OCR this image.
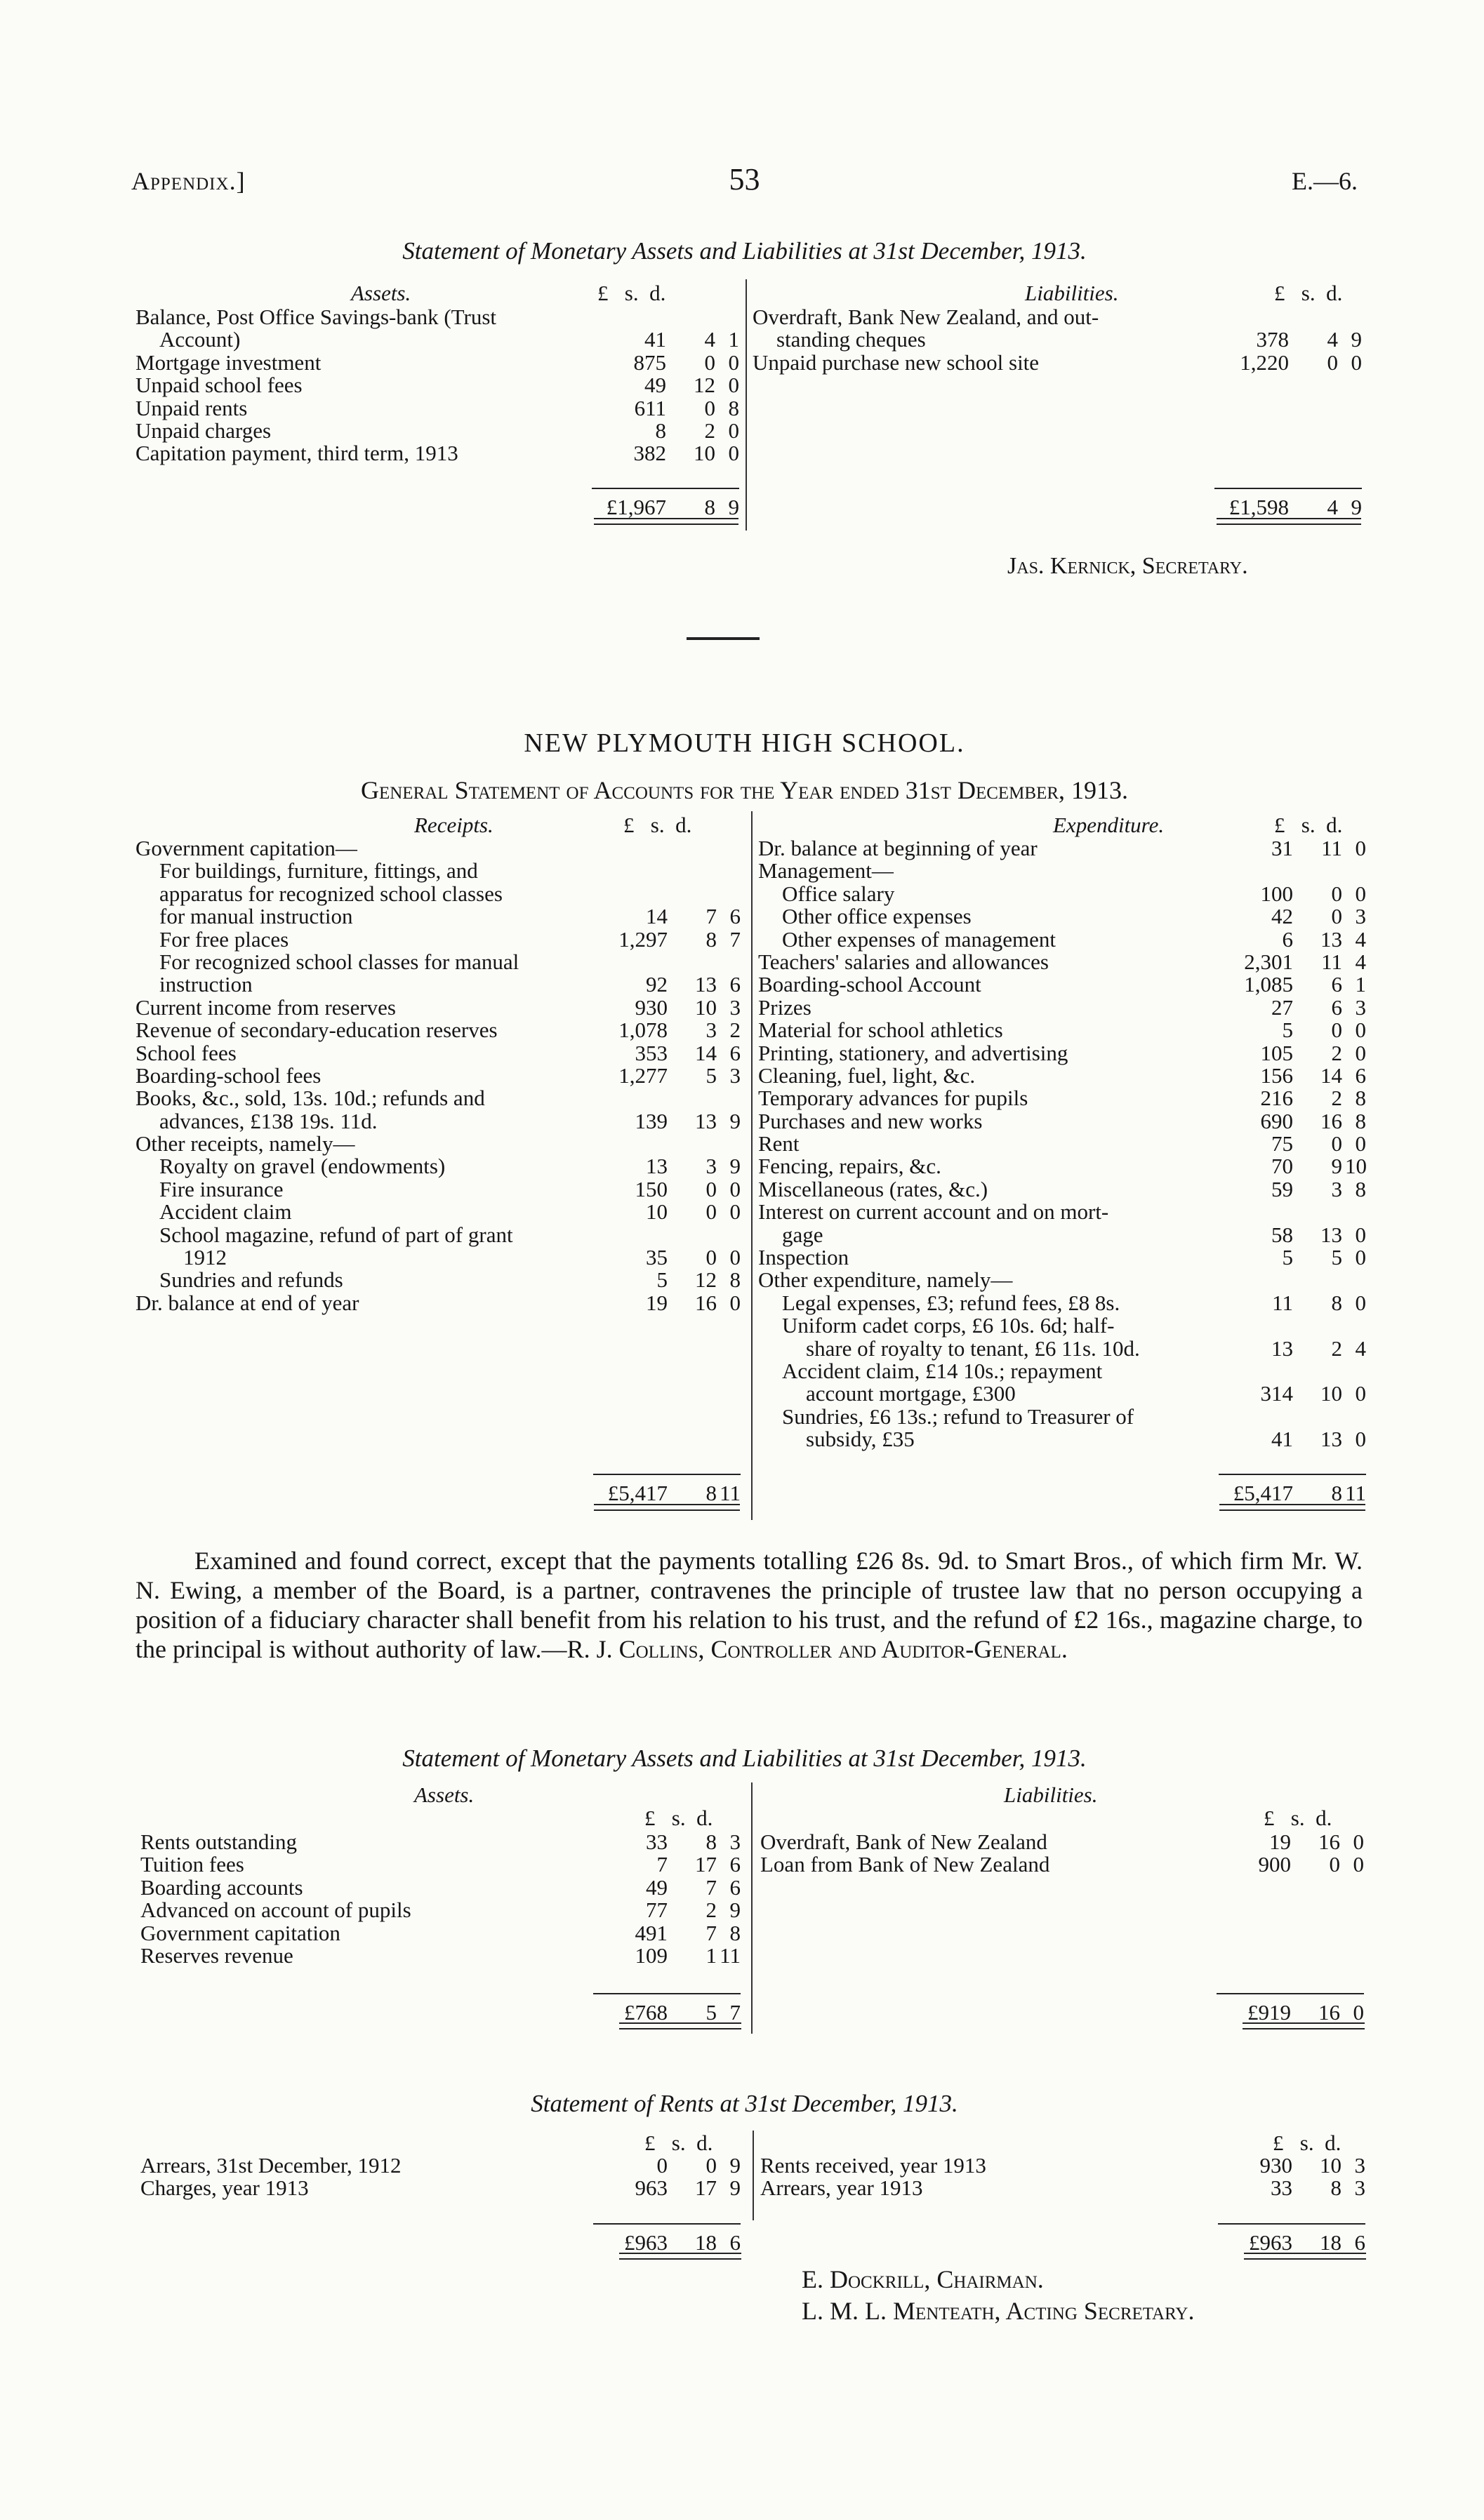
Appendix.]	53	E.—6.
Statement of Monetary Assets and Liabilities at 31st December, 1913.
Assets.	£ s. d.	Liabilities.	£ s. d.
Balance, Post Office Savings-bank (Trust
Account)	41	4 1
Mortgage investment	875	0 0
Unpaid school fees	49	12 0
Unpaid rents	611	0 8
Unpaid charges	8	2 0
Capitation payment, third term, 1913	382	10 0
Overdraft, Bank New Zealand, and out-
standing cheques	378	4 9
Unpaid purchase new school site	1,220	0 0
£1,967	8 9	£1,598	4 9
Jas. Kernick, Secretary.
NEW PLYMOUTH HIGH SCHOOL.
General Statement of Accounts for the Year ended 31st December, 1913.
Receipts.	£ s. d.	Expenditure.	£ s. d.
Government capitation—
For buildings, furniture, fittings, and
apparatus for recognized school classes
for manual instruction	14	7 6
For free places	1,297	8 7
For recognized school classes for manual
instruction	92	13 6
Current income from reserves	930	10 3
Revenue of secondary-education reserves	1,078	3 2
School fees	353	14 6
Boarding-school fees	1,277	5 3
Books, &c., sold, 13s. 10d.; refunds and
advances, £138 19s. 11d.	139	13 9
Other receipts, namely—
Royalty on gravel (endowments)	13	3 9
Fire insurance	150	0 0
Accident claim	10	0 0
School magazine, refund of part of grant
1912	35	0 0
Sundries and refunds	5	12 8
Dr. balance at end of year	19	16 0
Dr. balance at beginning of year	31	11 0
Management—
Office salary	100	0 0
Other office expenses	42	0 3
Other expenses of management	6	13 4
Teachers' salaries and allowances	2,301	11 4
Boarding-school Account	1,085	6 1
Prizes	27	6 3
Material for school athletics	5	0 0
Printing, stationery, and advertising	105	2 0
Cleaning, fuel, light, &c.	156	14 6
Temporary advances for pupils	216	2 8
Purchases and new works	690	16 8
Rent	75	0 0
Fencing, repairs, &c.	70	9 10
Miscellaneous (rates, &c.)	59	3 8
Interest on current account and on mort-
gage	58	13 0
Inspection	5	5 0
Other expenditure, namely—
Legal expenses, £3; refund fees, £8 8s.	11	8 0
Uniform cadet corps, £6 10s. 6d; half-
share of royalty to tenant, £6 11s. 10d.	13	2 4
Accident claim, £14 10s.; repayment
account mortgage, £300	314	10 0
Sundries, £6 13s.; refund to Treasurer of
subsidy, £35	41	13 0
£5,417	8 11	£5,417	8 11
Examined and found correct, except that the payments totalling £26 8s. 9d. to Smart Bros., of which firm Mr. W. N. Ewing, a member of the Board, is a partner, contravenes the principle of trustee law that no person occupying a position of a fiduciary character shall benefit from his relation to his trust, and the refund of £2 16s., magazine charge, to the principal is without authority of law.—R. J. Collins, Controller and Auditor-General.
Statement of Monetary Assets and Liabilities at 31st December, 1913.
Assets.
£ s. d.
Liabilities.
£ s. d.
Rents outstanding	33	8 3
Tuition fees	7	17 6
Boarding accounts	49	7 6
Advanced on account of pupils	77	2 9
Government capitation	491	7 8
Reserves revenue	109	1 11
Overdraft, Bank of New Zealand	19	16 0
Loan from Bank of New Zealand	900	0 0
£768	5 7	£919	16 0
Statement of Rents at 31st December, 1913.
£ s. d.	£ s. d.
Arrears, 31st December, 1912	0	0 9
Charges, year 1913	963	17 9
Rents received, year 1913	930	10 3
Arrears, year 1913	33	8 3
£963	18 6	£963	18 6
E. Dockrill, Chairman.
L. M. L. Menteath, Acting Secretary.
